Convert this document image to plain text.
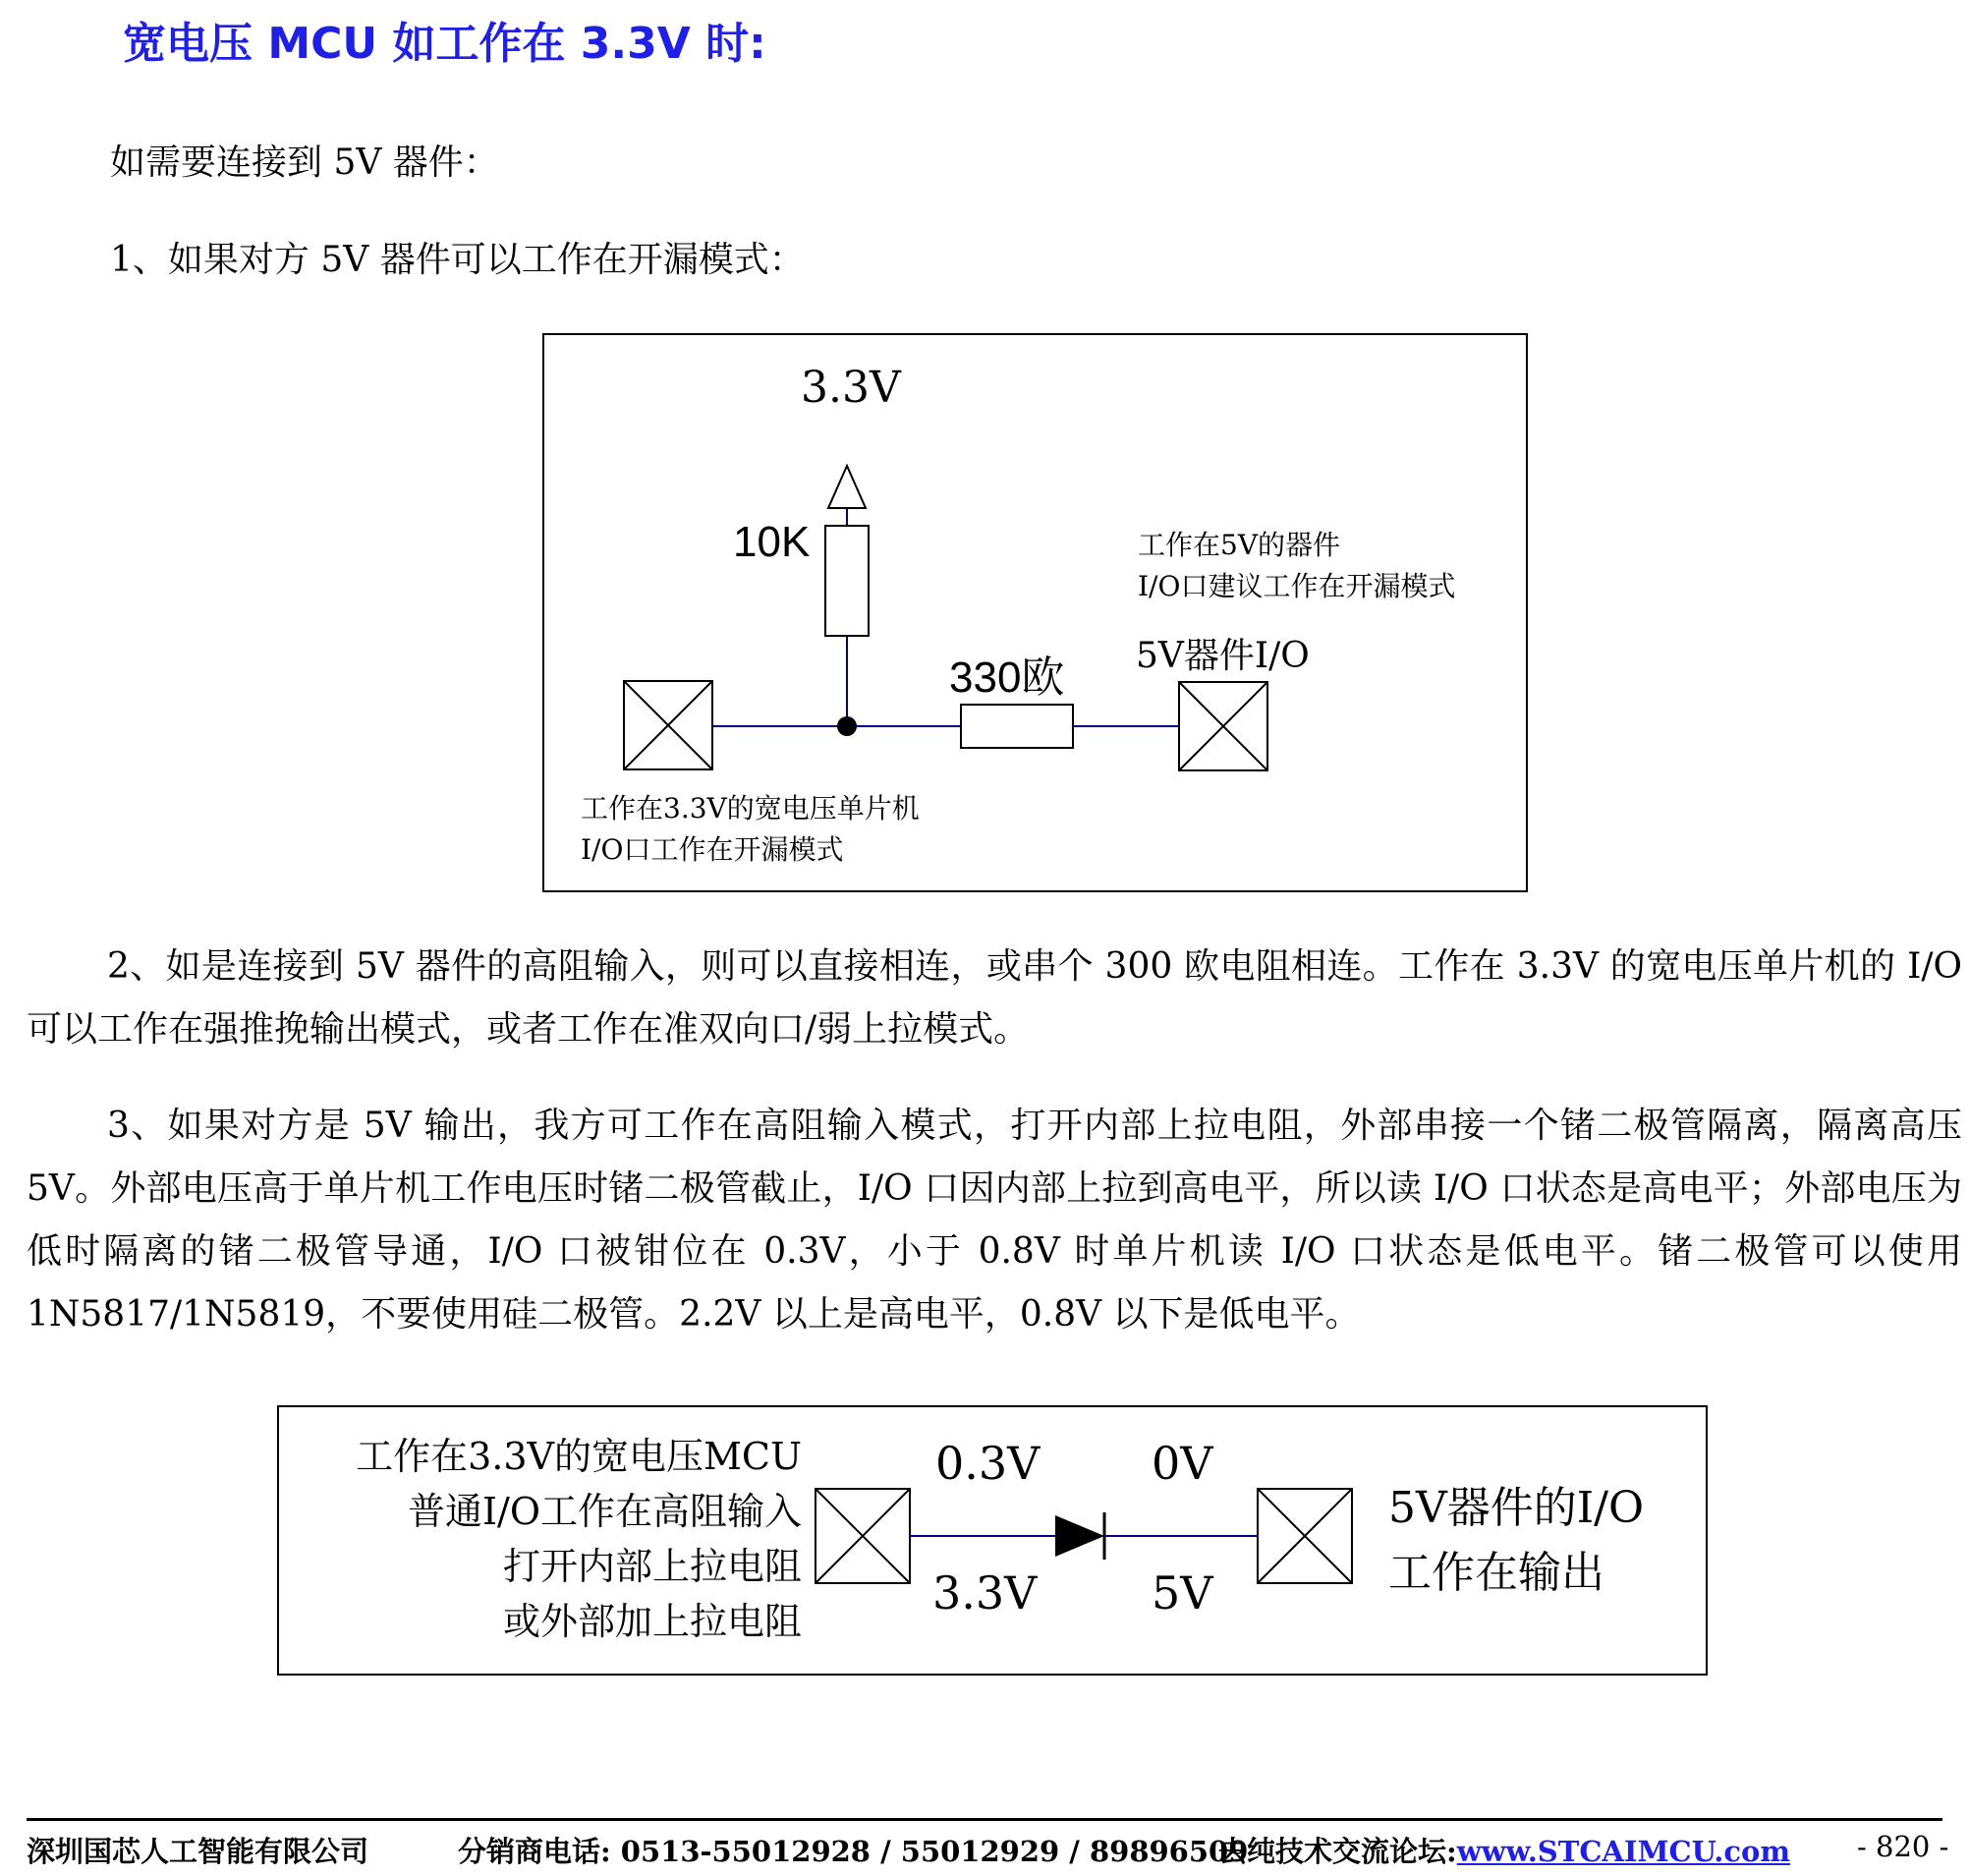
宽电压 MCU 如工作在 3.3V 时:
如需要连接到 5V 器件：
1、如果对方 5V 器件可以工作在开漏模式：
3.3V
10K
330欧
工作在5V的器件
I/O口建议工作在开漏模式
5V器件I/O
工作在3.3V的宽电压单片机
I/O口工作在开漏模式
2、如是连接到 5V 器件的高阻输入，则可以直接相连，或串个 300 欧电阻相连。工作在 3.3V 的宽电压单片机的 I/O 可以工作在强推挽输出模式，或者工作在准双向口/弱上拉模式。
3、如果对方是 5V 输出，我方可工作在高阻输入模式，打开内部上拉电阻，外部串接一个锗二极管隔离，隔离高压 5V。外部电压高于单片机工作电压时锗二极管截止，I/O 口因内部上拉到高电平，所以读 I/O 口状态是高电平；外部电压为低时隔离的锗二极管导通，I/O 口被钳位在 0.3V，小于 0.8V 时单片机读 I/O 口状态是低电平。锗二极管可以使用 1N5817/1N5819，不要使用硅二极管。2.2V 以上是高电平，0.8V 以下是低电平。
工作在3.3V的宽电压MCU
普通I/O工作在高阻输入
打开内部上拉电阻
或外部加上拉电阻
0.3V 0V
3.3V	5V
5V器件的I/O
工作在输出
深圳国芯人工智能有限公司	分销商电话: 0513-55012928 / 55012929 / 89896509
去纯技术交流论坛:www.STCAIMCU.com - 820 -
